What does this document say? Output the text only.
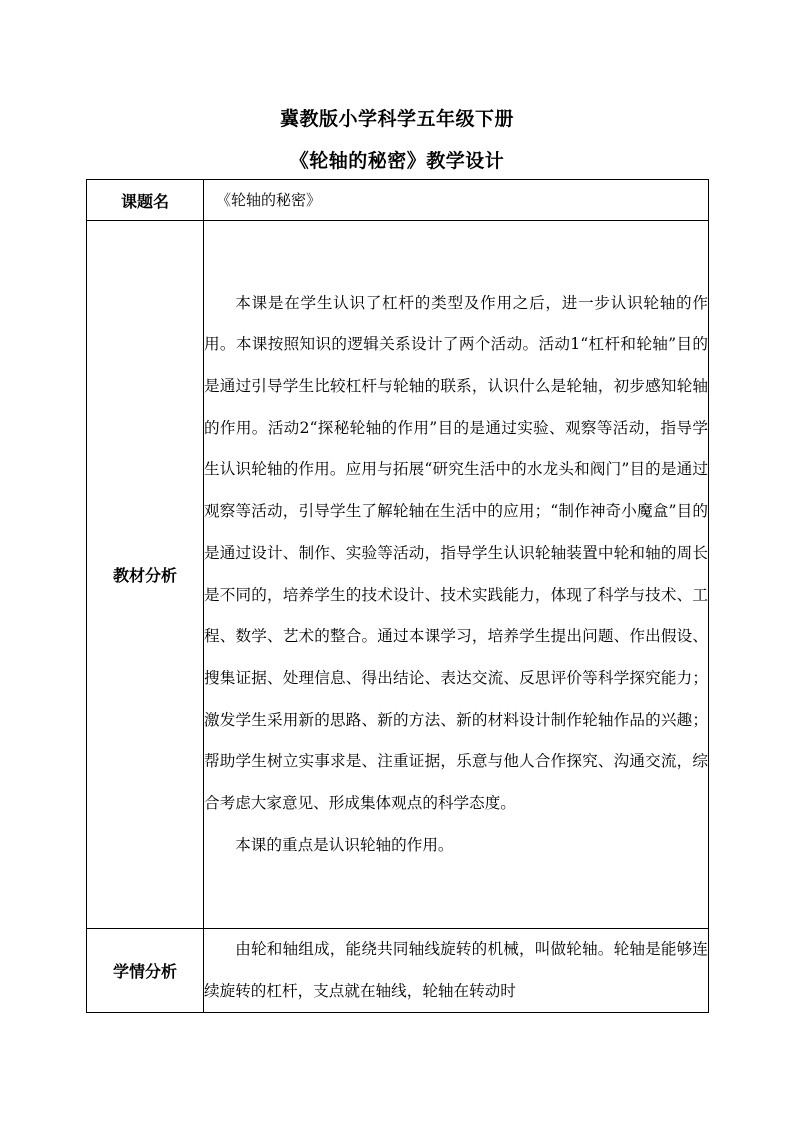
冀教版小学科学五年级下册
《轮轴的秘密》教学设计
课题名	《轮轴的秘密》
教材分析	本课是在学生认识了杠杆的类型及作用之后，进一步认识轮轴的作用。本课按照知识的逻辑关系设计了两个活动。活动1“杠杆和轮轴”目的是通过引导学生比较杠杆与轮轴的联系，认识什么是轮轴，初步感知轮轴的作用。活动2“探秘轮轴的作用”目的是通过实验、观察等活动，指导学生认识轮轴的作用。应用与拓展“研究生活中的水龙头和阀门”目的是通过观察等活动，引导学生了解轮轴在生活中的应用；“制作神奇小魔盒”目的是通过设计、制作、实验等活动，指导学生认识轮轴装置中轮和轴的周长是不同的，培养学生的技术设计、技术实践能力，体现了科学与技术、工程、数学、艺术的整合。通过本课学习，培养学生提出问题、作出假设、搜集证据、处理信息、得出结论、表达交流、反思评价等科学探究能力；激发学生采用新的思路、新的方法、新的材料设计制作轮轴作品的兴趣；帮助学生树立实事求是、注重证据，乐意与他人合作探究、沟通交流，综合考虑大家意见、形成集体观点的科学态度。

本课的重点是认识轮轴的作用。

学情分析	由轮和轴组成，能绕共同轴线旋转的机械，叫做轮轴。轮轴是能够连续旋转的杠杆，支点就在轴线，轮轴在转动时
